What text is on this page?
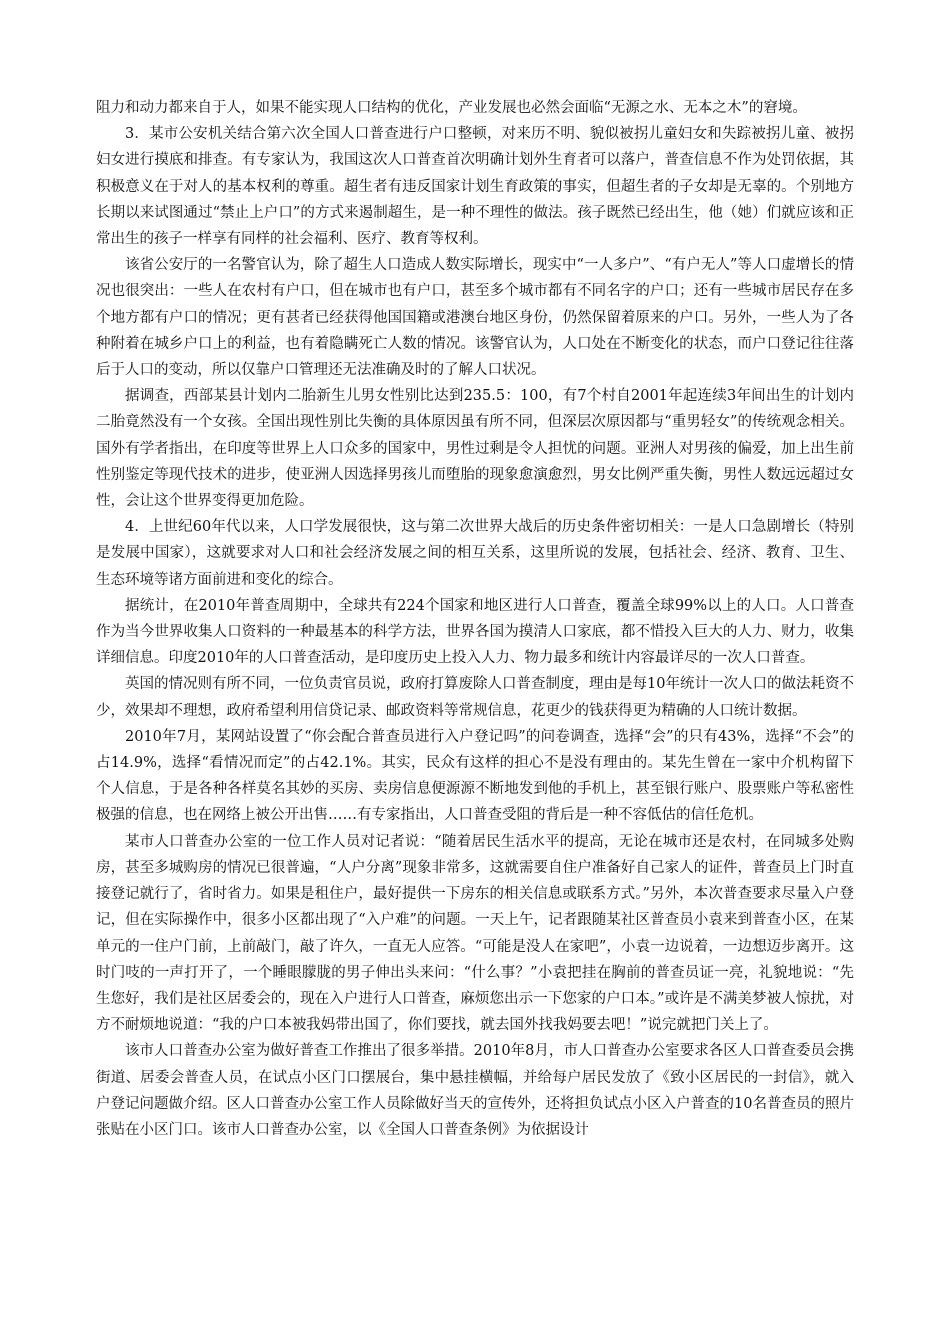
阻力和动力都来自于人，如果不能实现人口结构的优化，产业发展也必然会面临“无源之水、无本之木”的窘境。

3．某市公安机关结合第六次全国人口普查进行户口整顿，对来历不明、貌似被拐儿童妇女和失踪被拐儿童、被拐妇女进行摸底和排查。有专家认为，我国这次人口普查首次明确计划外生育者可以落户，普查信息不作为处罚依据，其积极意义在于对人的基本权利的尊重。超生者有违反国家计划生育政策的事实，但超生者的子女却是无辜的。个别地方长期以来试图通过“禁止上户口”的方式来遏制超生，是一种不理性的做法。孩子既然已经出生，他（她）们就应该和正常出生的孩子一样享有同样的社会福利、医疗、教育等权利。

该省公安厅的一名警官认为，除了超生人口造成人数实际增长，现实中“一人多户”、“有户无人”等人口虚增长的情况也很突出：一些人在农村有户口，但在城市也有户口，甚至多个城市都有不同名字的户口；还有一些城市居民存在多个地方都有户口的情况；更有甚者已经获得他国国籍或港澳台地区身份，仍然保留着原来的户口。另外，一些人为了各种附着在城乡户口上的利益，也有着隐瞒死亡人数的情况。该警官认为，人口处在不断变化的状态，而户口登记往往落后于人口的变动，所以仅靠户口管理还无法准确及时的了解人口状况。

据调查，西部某县计划内二胎新生儿男女性别比达到235.5：100，有7个村自2001年起连续3年间出生的计划内二胎竟然没有一个女孩。全国出现性别比失衡的具体原因虽有所不同，但深层次原因都与“重男轻女”的传统观念相关。国外有学者指出，在印度等世界上人口众多的国家中，男性过剩是令人担忧的问题。亚洲人对男孩的偏爱，加上出生前性别鉴定等现代技术的进步，使亚洲人因选择男孩儿而堕胎的现象愈演愈烈，男女比例严重失衡，男性人数远远超过女性，会让这个世界变得更加危险。

4．上世纪60年代以来，人口学发展很快，这与第二次世界大战后的历史条件密切相关：一是人口急剧增长（特别是发展中国家），这就要求对人口和社会经济发展之间的相互关系，这里所说的发展，包括社会、经济、教育、卫生、生态环境等诸方面前进和变化的综合。

据统计，在2010年普查周期中，全球共有224个国家和地区进行人口普查，覆盖全球99%以上的人口。人口普查作为当今世界收集人口资料的一种最基本的科学方法，世界各国为摸清人口家底，都不惜投入巨大的人力、财力，收集详细信息。印度2010年的人口普查活动，是印度历史上投入人力、物力最多和统计内容最详尽的一次人口普查。

英国的情况则有所不同，一位负责官员说，政府打算废除人口普查制度，理由是每10年统计一次人口的做法耗资不少，效果却不理想，政府希望利用信贷记录、邮政资料等常规信息，花更少的钱获得更为精确的人口统计数据。

2010年7月，某网站设置了“你会配合普查员进行入户登记吗”的问卷调查，选择“会”的只有43%，选择“不会”的占14.9%，选择“看情况而定”的占42.1%。其实，民众有这样的担心不是没有理由的。某先生曾在一家中介机构留下个人信息，于是各种各样莫名其妙的买房、卖房信息便源源不断地发到他的手机上，甚至银行账户、股票账户等私密性极强的信息，也在网络上被公开出售……有专家指出，人口普查受阻的背后是一种不容低估的信任危机。

某市人口普查办公室的一位工作人员对记者说：“随着居民生活水平的提高，无论在城市还是农村，在同城多处购房，甚至多城购房的情况已很普遍，“人户分离”现象非常多，这就需要自住户准备好自己家人的证件，普查员上门时直接登记就行了，省时省力。如果是租住户，最好提供一下房东的相关信息或联系方式。”另外，本次普查要求尽量入户登记，但在实际操作中，很多小区都出现了“入户难”的问题。一天上午，记者跟随某社区普查员小袁来到普查小区，在某单元的一住户门前，上前敲门，敲了许久，一直无人应答。“可能是没人在家吧”，小袁一边说着，一边想迈步离开。这时门吱的一声打开了，一个睡眼朦胧的男子伸出头来问：“什么事？”小袁把挂在胸前的普查员证一亮，礼貌地说：“先生您好，我们是社区居委会的，现在入户进行人口普查，麻烦您出示一下您家的户口本。”或许是不满美梦被人惊扰，对方不耐烦地说道：“我的户口本被我妈带出国了，你们要找，就去国外找我妈要去吧！”说完就把门关上了。

该市人口普查办公室为做好普查工作推出了很多举措。2010年8月，市人口普查办公室要求各区人口普查委员会携街道、居委会普查人员，在试点小区门口摆展台，集中悬挂横幅，并给每户居民发放了《致小区居民的一封信》，就入户登记问题做介绍。区人口普查办公室工作人员除做好当天的宣传外，还将担负试点小区入户普查的10名普查员的照片张贴在小区门口。该市人口普查办公室，以《全国人口普查条例》为依据设计
